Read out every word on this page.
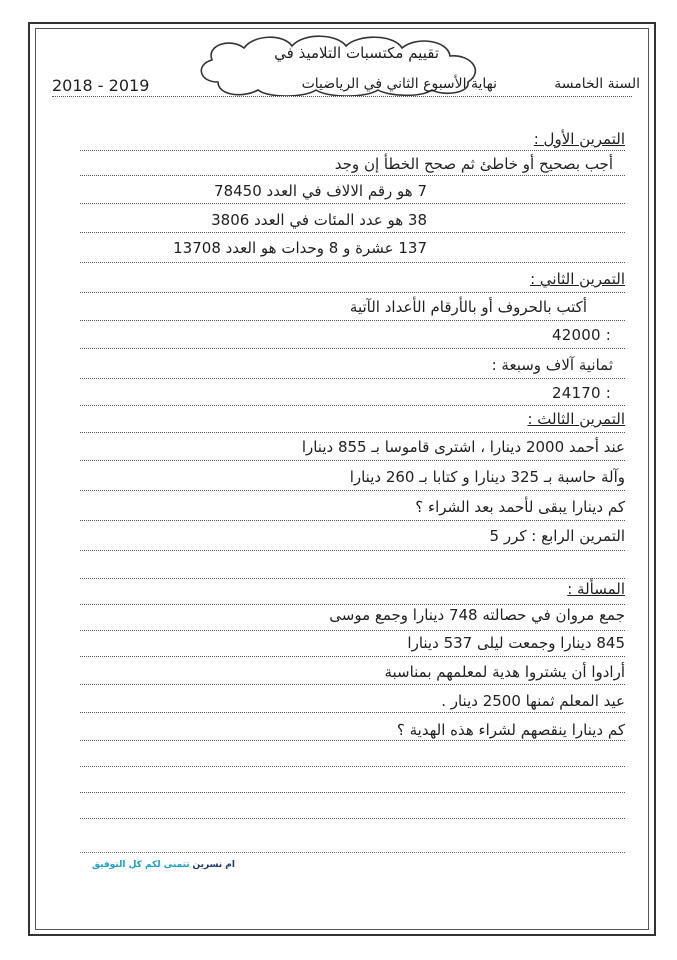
تقييم مكتسبات التلاميذ في
السنة الخامسة
نهاية الأسبوع الثاني في الرياضيات
2018 - 2019
التمرين الأول :
أجب بصحيح أو خاطئ ثم صحح الخطأ إن وجد
7 هو رقم الالاف في العدد 78450
38 هو عدد المئات في العدد 3806
137 عشرة و 8 وحدات هو العدد 13708
التمرين الثاني :
أكتب بالحروف أو بالأرقام الأعداد الآتية
: 42000
ثمانية آلاف وسبعة :
: 24170
التمرين الثالث :
عند أحمد 2000 دينارا ، اشترى قاموسا بـ 855 دينارا
وآلة حاسبة بـ 325 دينارا و كتابا بـ 260 دينارا
كم دينارا يبقى لأحمد بعد الشراء ؟
التمرين الرابع : كرر 5
المسألة :
جمع مروان في حصالته 748 دينارا وجمع موسى
845 دينارا وجمعت ليلى 537 دينارا
أرادوا أن يشتروا هدية لمعلمهم بمناسبة
عيد المعلم ثمنها 2500 دينار .
كم دينارا ينقصهم لشراء هذه الهدية ؟
ام نسرين تتمنى لكم كل التوفيق
